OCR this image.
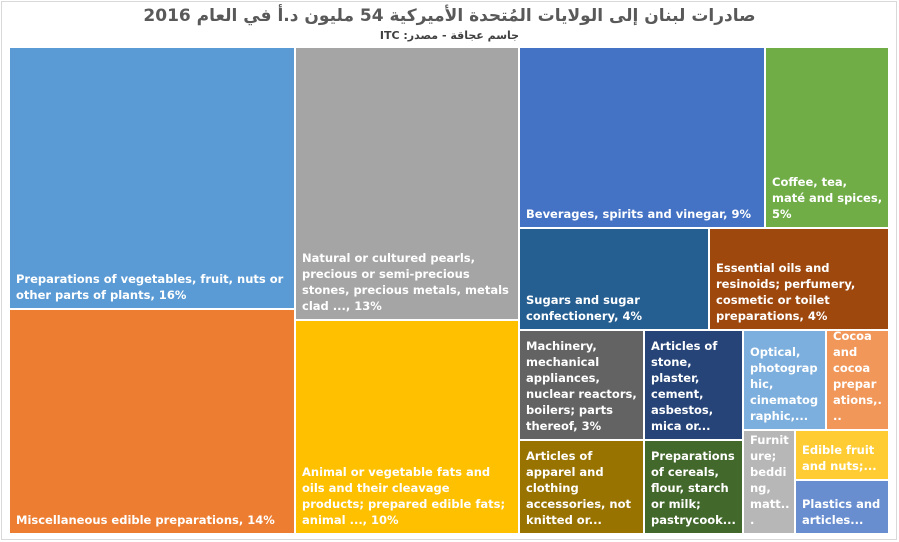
صادرات لبنان إلى الولايات المُتحدة الأميركية 54 مليون د.أ في العام 2016
جاسم عجاقة - مصدر: ITC
Preparations of vegetables, fruit, nuts or other parts of plants, 16%
Miscellaneous edible preparations, 14%
Natural or cultured pearls, precious or semi-precious stones, precious metals, metals clad ..., 13%
Animal or vegetable fats and oils and their cleavage products; prepared edible fats; animal ..., 10%
Beverages, spirits and vinegar, 9%
Coffee, tea, maté and spices, 5%
Sugars and sugar confectionery, 4%
Essential oils and resinoids; perfumery, cosmetic or toilet preparations, 4%
Machinery, mechanical appliances, nuclear reactors, boilers; parts thereof, 3%
Articles of stone, plaster, cement, asbestos, mica or...
Optical, photographic, cinematographic,...
Cocoa and cocoa preparations,...
Articles of apparel and clothing accessories, not knitted or...
Preparations of cereals, flour, starch or milk; pastrycook...
Furniture; bedding, matt...
Edible fruit and nuts;...
Plastics and articles...
